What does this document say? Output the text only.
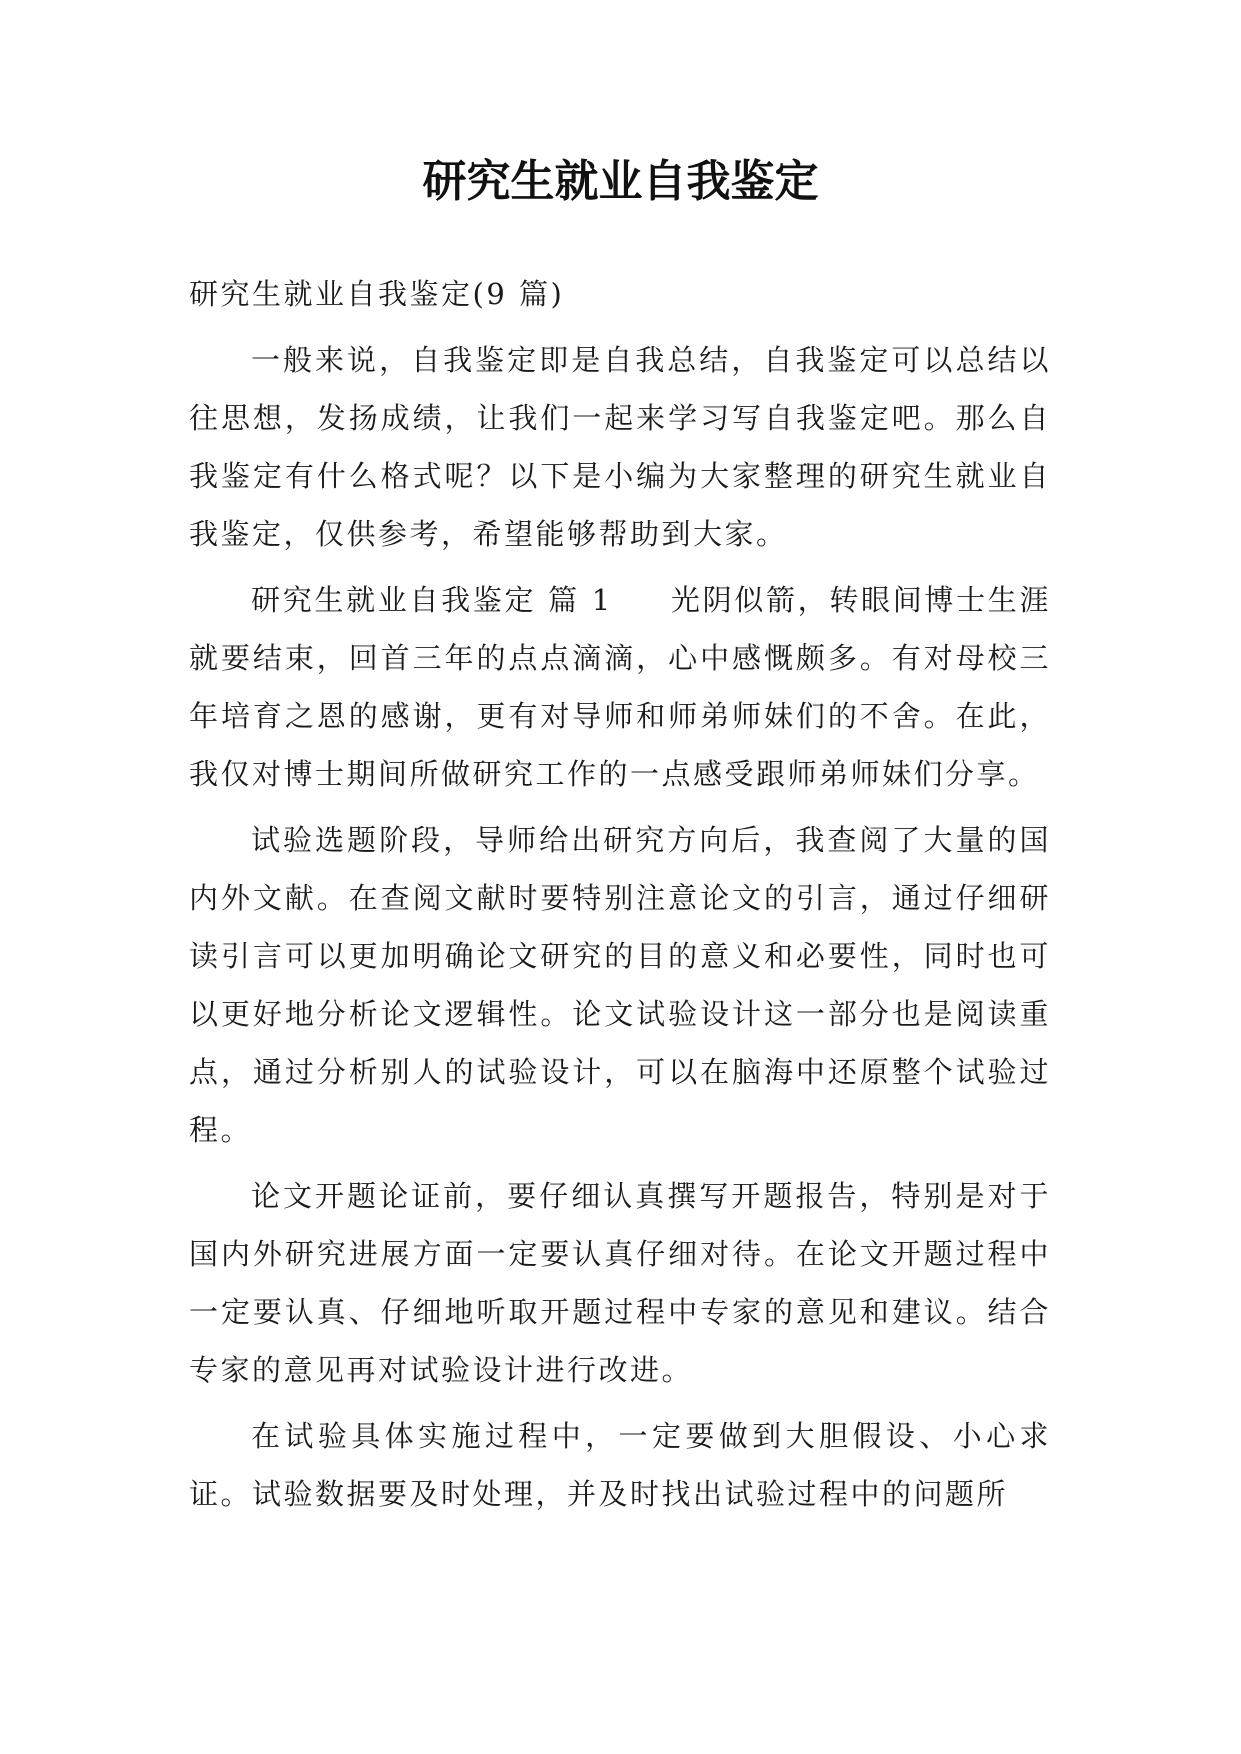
研究生就业自我鉴定

研究生就业自我鉴定(9 篇)

一般来说，自我鉴定即是自我总结，自我鉴定可以总结以往思想，发扬成绩，让我们一起来学习写自我鉴定吧。那么自我鉴定有什么格式呢？以下是小编为大家整理的研究生就业自我鉴定，仅供参考，希望能够帮助到大家。

研究生就业自我鉴定 篇 1 光阴似箭，转眼间博士生涯就要结束，回首三年的点点滴滴，心中感慨颇多。有对母校三年培育之恩的感谢，更有对导师和师弟师妹们的不舍。在此，我仅对博士期间所做研究工作的一点感受跟师弟师妹们分享。

试验选题阶段，导师给出研究方向后，我查阅了大量的国内外文献。在查阅文献时要特别注意论文的引言，通过仔细研读引言可以更加明确论文研究的目的意义和必要性，同时也可以更好地分析论文逻辑性。论文试验设计这一部分也是阅读重点，通过分析别人的试验设计，可以在脑海中还原整个试验过程。

论文开题论证前，要仔细认真撰写开题报告，特别是对于国内外研究进展方面一定要认真仔细对待。在论文开题过程中一定要认真、仔细地听取开题过程中专家的意见和建议。结合专家的意见再对试验设计进行改进。

在试验具体实施过程中，一定要做到大胆假设、小心求证。试验数据要及时处理，并及时找出试验过程中的问题所
